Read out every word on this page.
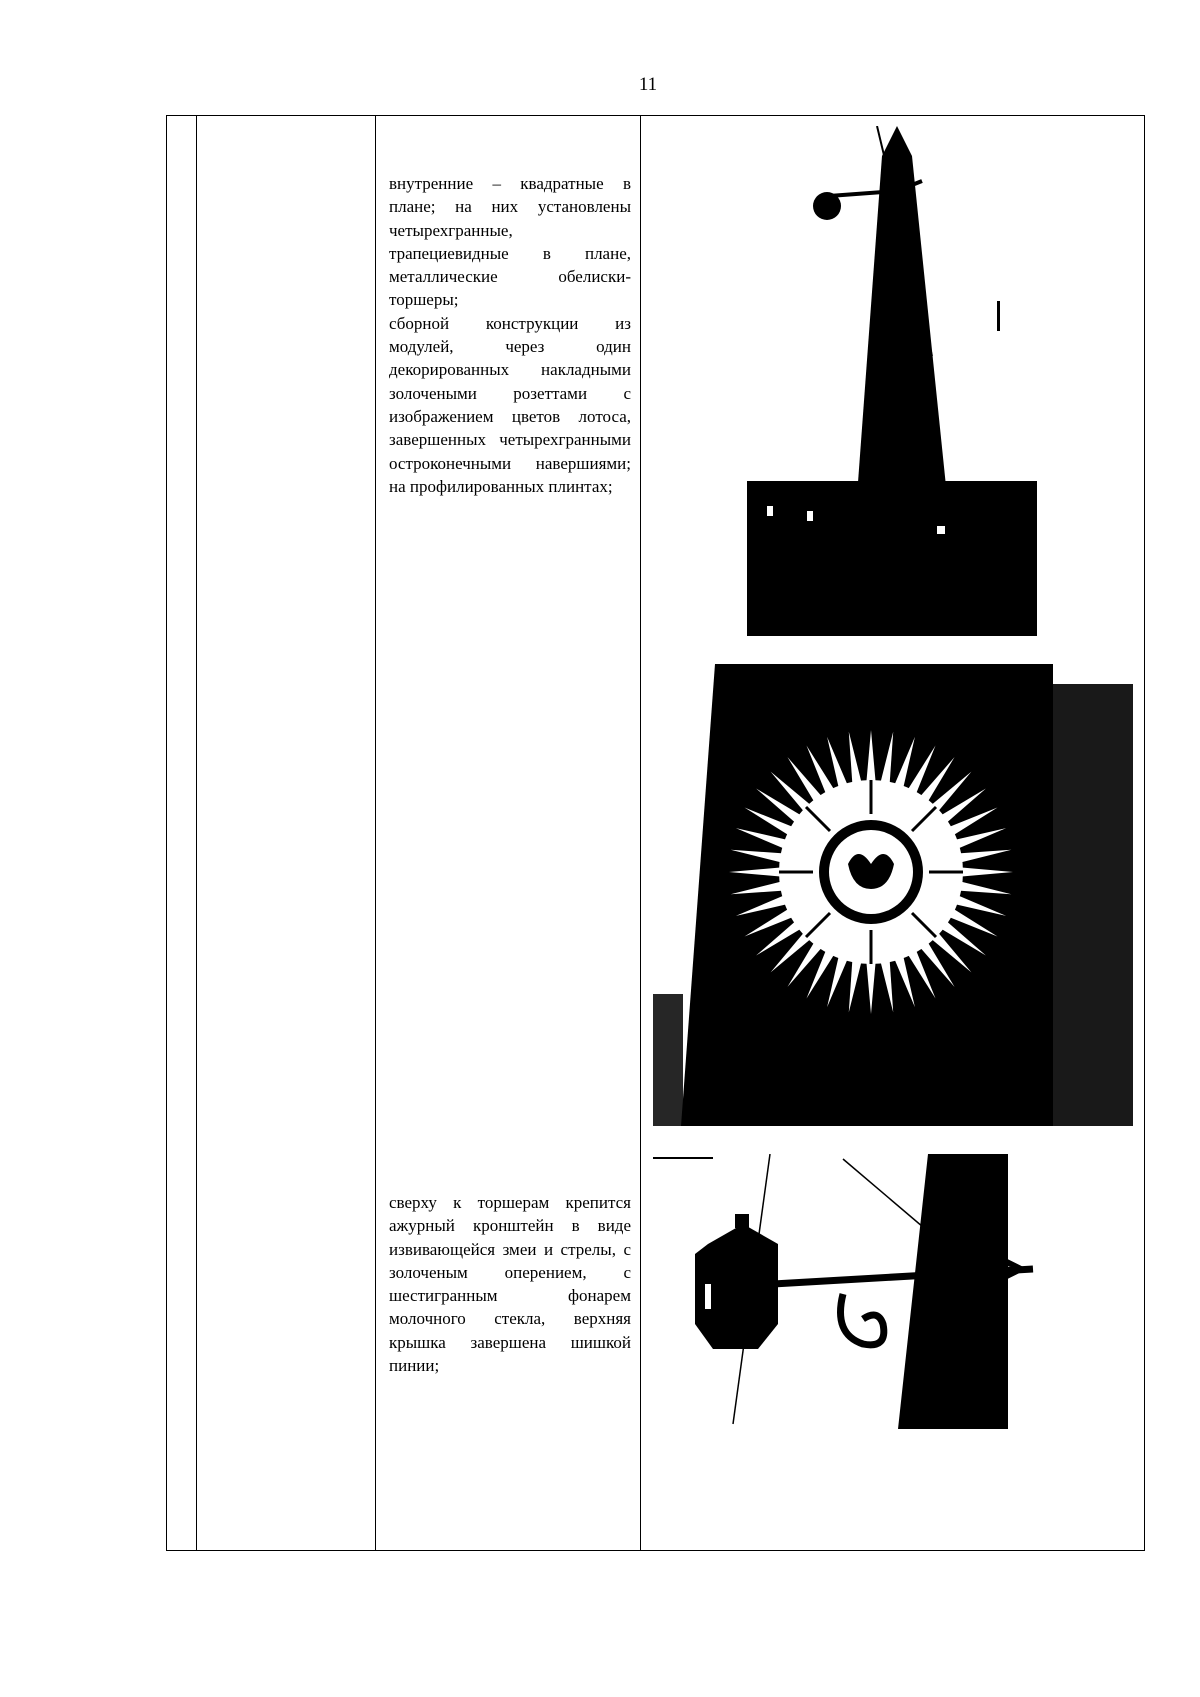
11

внутренние – квадратные в плане; на них установлены четырехгранные,

трапециевидные в плане, металлические обелиски-торшеры;

сборной конструкции из модулей, через один декорированных накладными золочеными розеттами с изображением цветов лотоса, завершенных четырехгранными остроконечными навершиями; на профилированных плинтах;

сверху к торшерам крепится ажурный кронштейн в виде извивающейся змеи и стрелы, с золоченым оперением, с шестигранным фонарем молочного стекла, верхняя крышка завершена шишкой пинии;
